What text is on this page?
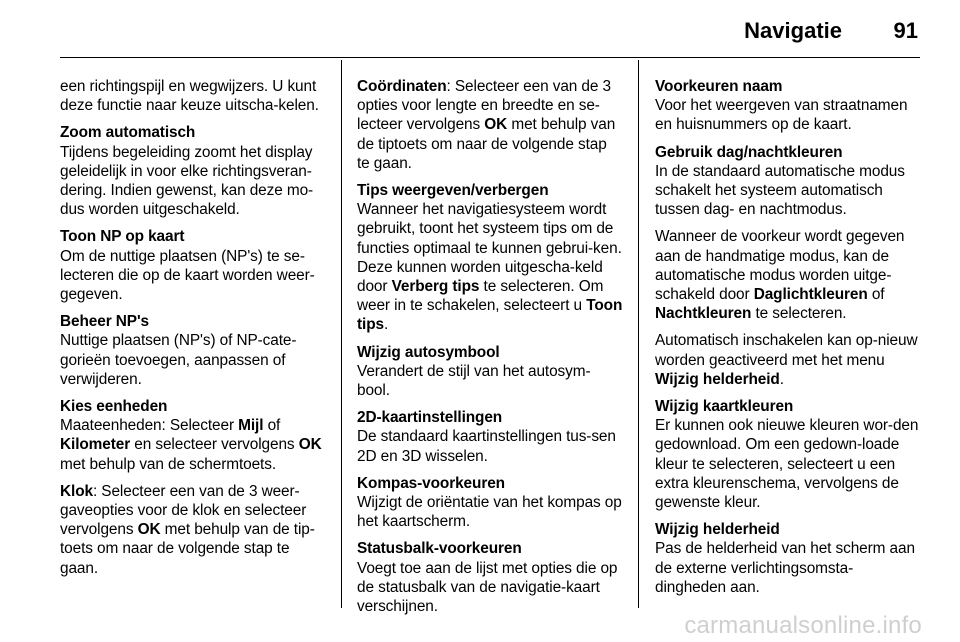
Navigatie 91
een richtingspijl en wegwijzers. U kunt deze functie naar keuze uitscha-kelen.
Zoom automatisch
Tijdens begeleiding zoomt het display geleidelijk in voor elke richtingsveran-dering. Indien gewenst, kan deze mo-dus worden uitgeschakeld.
Toon NP op kaart
Om de nuttige plaatsen (NP's) te se-lecteren die op de kaart worden weer-gegeven.
Beheer NP's
Nuttige plaatsen (NP's) of NP-cate-gorieën toevoegen, aanpassen of verwijderen.
Kies eenheden
Maateenheden: Selecteer Mijl of Kilometer en selecteer vervolgens OK met behulp van de schermtoets.
Klok: Selecteer een van de 3 weer-gaveopties voor de klok en selecteer vervolgens OK met behulp van de tip-toets om naar de volgende stap te gaan.
Coördinaten: Selecteer een van de 3 opties voor lengte en breedte en se-lecteer vervolgens OK met behulp van de tiptoets om naar de volgende stap te gaan.
Tips weergeven/verbergen
Wanneer het navigatiesysteem wordt gebruikt, toont het systeem tips om de functies optimaal te kunnen gebrui-ken. Deze kunnen worden uitgescha-keld door Verberg tips te selecteren. Om weer in te schakelen, selecteert u Toon tips.
Wijzig autosymbool
Verandert de stijl van het autosym-bool.
2D-kaartinstellingen
De standaard kaartinstellingen tus-sen 2D en 3D wisselen.
Kompas-voorkeuren
Wijzigt de oriëntatie van het kompas op het kaartscherm.
Statusbalk-voorkeuren
Voegt toe aan de lijst met opties die op de statusbalk van de navigatie-kaart verschijnen.
Voorkeuren naam
Voor het weergeven van straatnamen en huisnummers op de kaart.
Gebruik dag/nachtkleuren
In de standaard automatische modus schakelt het systeem automatisch tussen dag- en nachtmodus.
Wanneer de voorkeur wordt gegeven aan de handmatige modus, kan de automatische modus worden uitge-schakeld door Daglichtkleuren of Nachtkleuren te selecteren.
Automatisch inschakelen kan op-nieuw worden geactiveerd met het menu Wijzig helderheid.
Wijzig kaartkleuren
Er kunnen ook nieuwe kleuren wor-den gedownload. Om een gedown-loade kleur te selecteren, selecteert u een extra kleurenschema, vervolgens de gewenste kleur.
Wijzig helderheid
Pas de helderheid van het scherm aan de externe verlichtingsomsta-dingheden aan.
carmanualsonline.info
